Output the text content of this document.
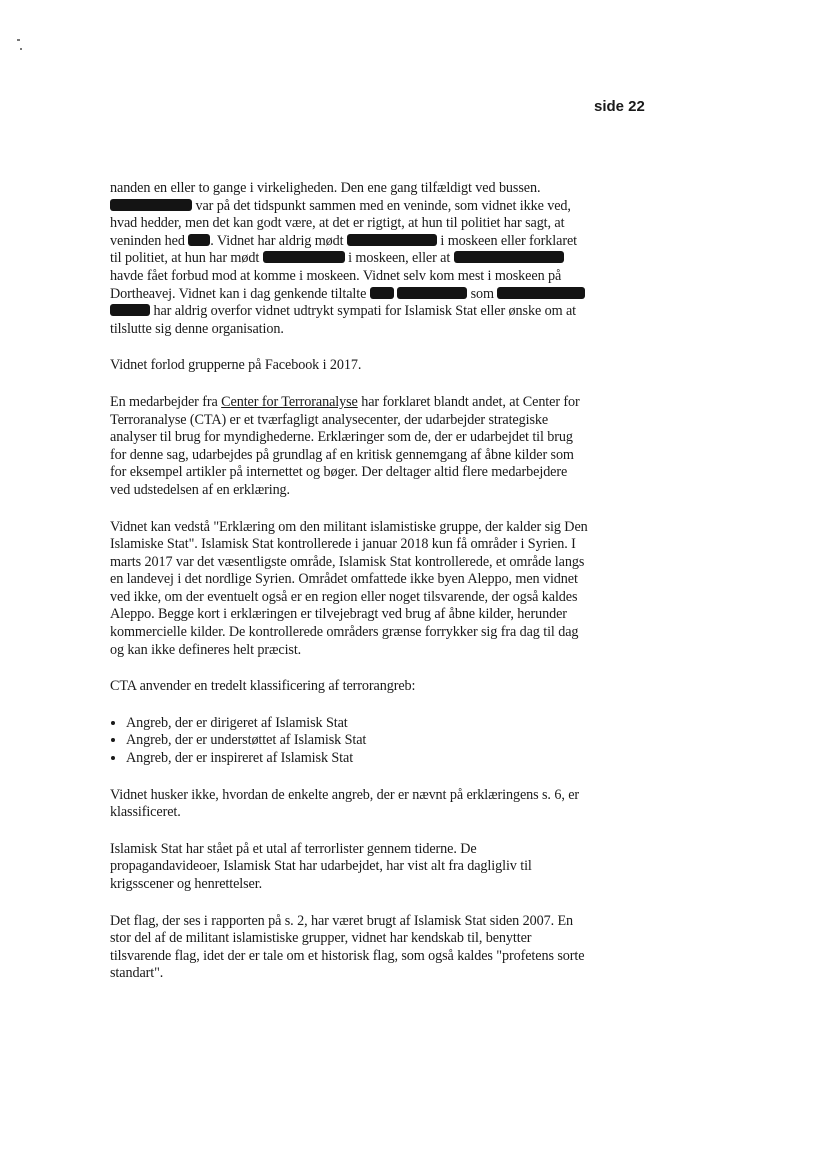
side 22

nanden en eller to gange i virkeligheden. Den ene gang tilfældigt ved bussen.  var på det tidspunkt sammen med en veninde, som vidnet ikke ved, hvad hedder, men det kan godt være, at det er rigtigt, at hun til politiet har sagt, at veninden hed . Vidnet har aldrig mødt	i moskeen eller forklaret til politiet, at hun har mødt	i moskeen, eller at  havde fået forbud mod at komme i moskeen. Vidnet selv kom mest i moskeen på Dortheavej. Vidnet kan i dag genkende tiltalte	som   har aldrig overfor vidnet udtrykt sympati for Islamisk Stat eller ønske om at tilslutte sig denne organisation.

Vidnet forlod grupperne på Facebook i 2017.

En medarbejder fra Center for Terroranalyse har forklaret blandt andet, at Center for Terroranalyse (CTA) er et tværfagligt analysecenter, der udarbejder strategiske analyser til brug for myndighederne. Erklæringer som de, der er udarbejdet til brug for denne sag, udarbejdes på grundlag af en kritisk gennemgang af åbne kilder som for eksempel artikler på internettet og bøger. Der deltager altid flere medarbejdere ved udstedelsen af en erklæring.

Vidnet kan vedstå "Erklæring om den militant islamistiske gruppe, der kalder sig Den Islamiske Stat". Islamisk Stat kontrollerede i januar 2018 kun få områder i Syrien. I marts 2017 var det væsentligste område, Islamisk Stat kontrollerede, et område langs en landevej i det nordlige Syrien. Området omfattede ikke byen Aleppo, men vidnet ved ikke, om der eventuelt også er en region eller noget tilsvarende, der også kaldes Aleppo. Begge kort i erklæringen er tilvejebragt ved brug af åbne kilder, herunder kommercielle kilder. De kontrollerede områders grænse forrykker sig fra dag til dag og kan ikke defineres helt præcist.

CTA anvender en tredelt klassificering af terrorangreb:

• Angreb, der er dirigeret af Islamisk Stat
• Angreb, der er understøttet af Islamisk Stat
• Angreb, der er inspireret af Islamisk Stat

Vidnet husker ikke, hvordan de enkelte angreb, der er nævnt på erklæringens s. 6, er klassificeret.

Islamisk Stat har stået på et utal af terrorlister gennem tiderne. De propagandavideoer, Islamisk Stat har udarbejdet, har vist alt fra dagligliv til krigsscener og henrettelser.

Det flag, der ses i rapporten på s. 2, har været brugt af Islamisk Stat siden 2007. En stor del af de militant islamistiske grupper, vidnet har kendskab til, benytter tilsvarende flag, idet der er tale om et historisk flag, som også kaldes "profetens sorte standart".
